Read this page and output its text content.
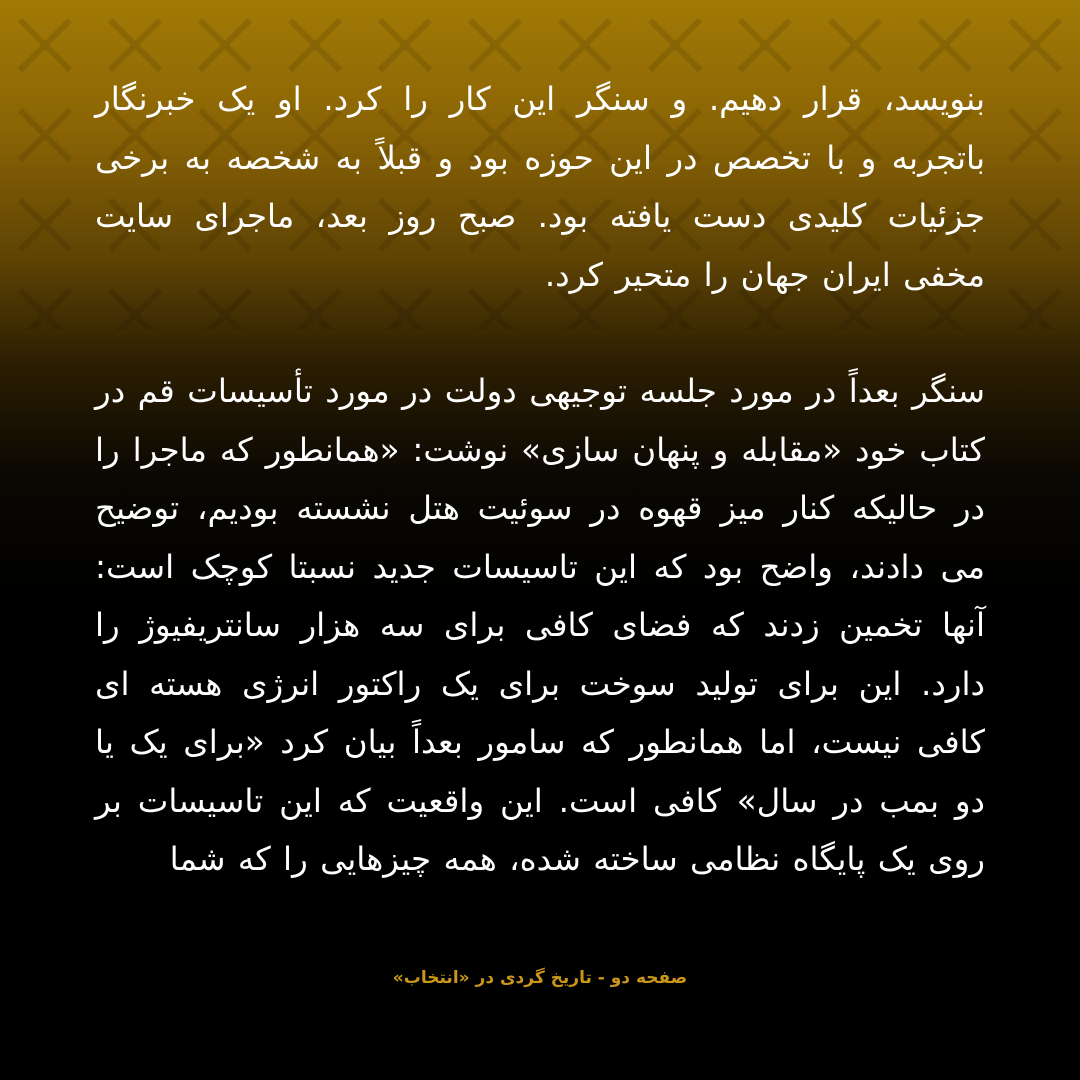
بنویسد، قرار دهیم. و سنگر این کار را کرد. او یک خبرنگار باتجربه و با تخصص در این حوزه بود و قبلاً به شخصه به برخی جزئیات کلیدی دست یافته بود. صبح روز بعد، ماجرای سایت مخفی ایران جهان را متحیر کرد.

سنگر بعداً در مورد جلسه توجیهی دولت در مورد تأسیسات قم در کتاب خود «مقابله و پنهان سازی» نوشت: «همانطور که ماجرا را در حالیکه کنار میز قهوه در سوئیت هتل نشسته بودیم، توضیح می دادند، واضح بود که این تاسیسات جدید نسبتا کوچک است: آنها تخمین زدند که فضای کافی برای سه هزار سانتریفیوژ را دارد. این برای تولید سوخت برای یک راکتور انرژی هسته ای کافی نیست، اما همانطور که سامور بعداً بیان کرد «برای یک یا دو بمب در سال» کافی است. این واقعیت که این تاسیسات بر روی یک پایگاه نظامی ساخته شده، همه چیزهایی را که شما

صفحه دو - تاریخ گردی در «انتخاب»
